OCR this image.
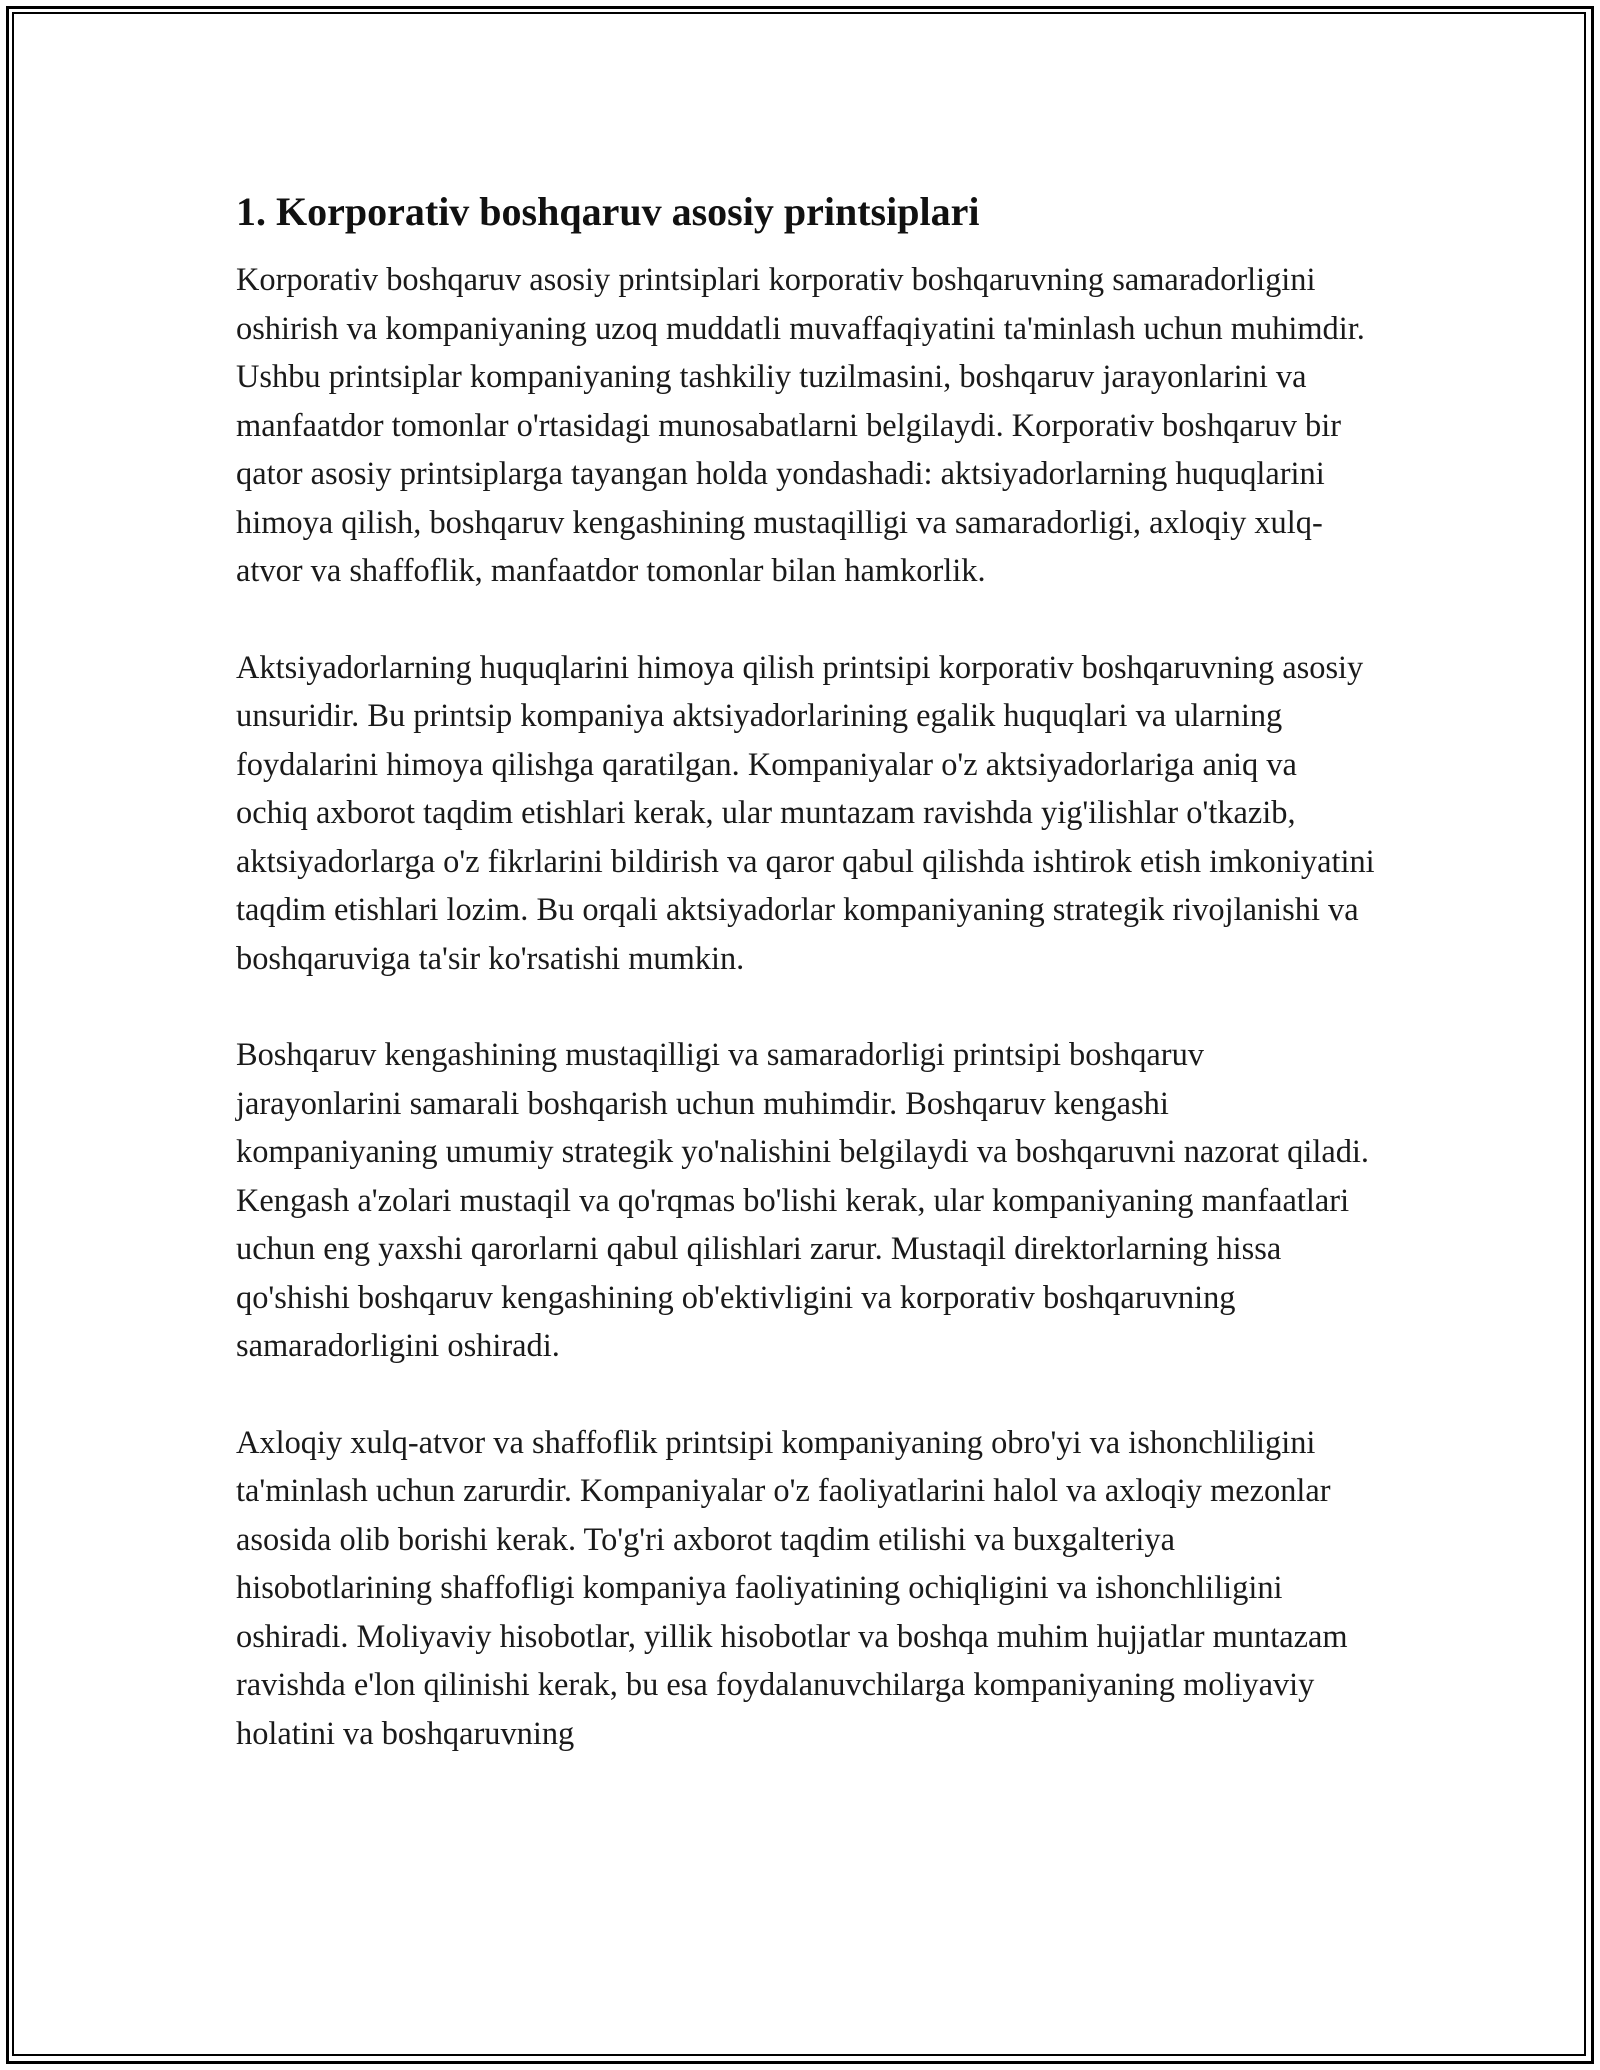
1. Korporativ boshqaruv asosiy printsiplari

Korporativ boshqaruv asosiy printsiplari korporativ boshqaruvning samaradorligini oshirish va kompaniyaning uzoq muddatli muvaffaqiyatini ta'minlash uchun muhimdir. Ushbu printsiplar kompaniyaning tashkiliy tuzilmasini, boshqaruv jarayonlarini va manfaatdor tomonlar o'rtasidagi munosabatlarni belgilaydi. Korporativ boshqaruv bir qator asosiy printsiplarga tayangan holda yondashadi: aktsiyadorlarning huquqlarini himoya qilish, boshqaruv kengashining mustaqilligi va samaradorligi, axloqiy xulq-atvor va shaffoflik, manfaatdor tomonlar bilan hamkorlik.

Aktsiyadorlarning huquqlarini himoya qilish printsipi korporativ boshqaruvning asosiy unsuridir. Bu printsip kompaniya aktsiyadorlarining egalik huquqlari va ularning foydalarini himoya qilishga qaratilgan. Kompaniyalar o'z aktsiyadorlariga aniq va ochiq axborot taqdim etishlari kerak, ular muntazam ravishda yig'ilishlar o'tkazib, aktsiyadorlarga o'z fikrlarini bildirish va qaror qabul qilishda ishtirok etish imkoniyatini taqdim etishlari lozim. Bu orqali aktsiyadorlar kompaniyaning strategik rivojlanishi va boshqaruviga ta'sir ko'rsatishi mumkin.

Boshqaruv kengashining mustaqilligi va samaradorligi printsipi boshqaruv jarayonlarini samarali boshqarish uchun muhimdir. Boshqaruv kengashi kompaniyaning umumiy strategik yo'nalishini belgilaydi va boshqaruvni nazorat qiladi. Kengash a'zolari mustaqil va qo'rqmas bo'lishi kerak, ular kompaniyaning manfaatlari uchun eng yaxshi qarorlarni qabul qilishlari zarur. Mustaqil direktorlarning hissa qo'shishi boshqaruv kengashining ob'ektivligini va korporativ boshqaruvning samaradorligini oshiradi.

Axloqiy xulq-atvor va shaffoflik printsipi kompaniyaning obro'yi va ishonchliligini ta'minlash uchun zarurdir. Kompaniyalar o'z faoliyatlarini halol va axloqiy mezonlar asosida olib borishi kerak. To'g'ri axborot taqdim etilishi va buxgalteriya hisobotlarining shaffofligi kompaniya faoliyatining ochiqligini va ishonchliligini oshiradi. Moliyaviy hisobotlar, yillik hisobotlar va boshqa muhim hujjatlar muntazam ravishda e'lon qilinishi kerak, bu esa foydalanuvchilarga kompaniyaning moliyaviy holatini va boshqaruvning
